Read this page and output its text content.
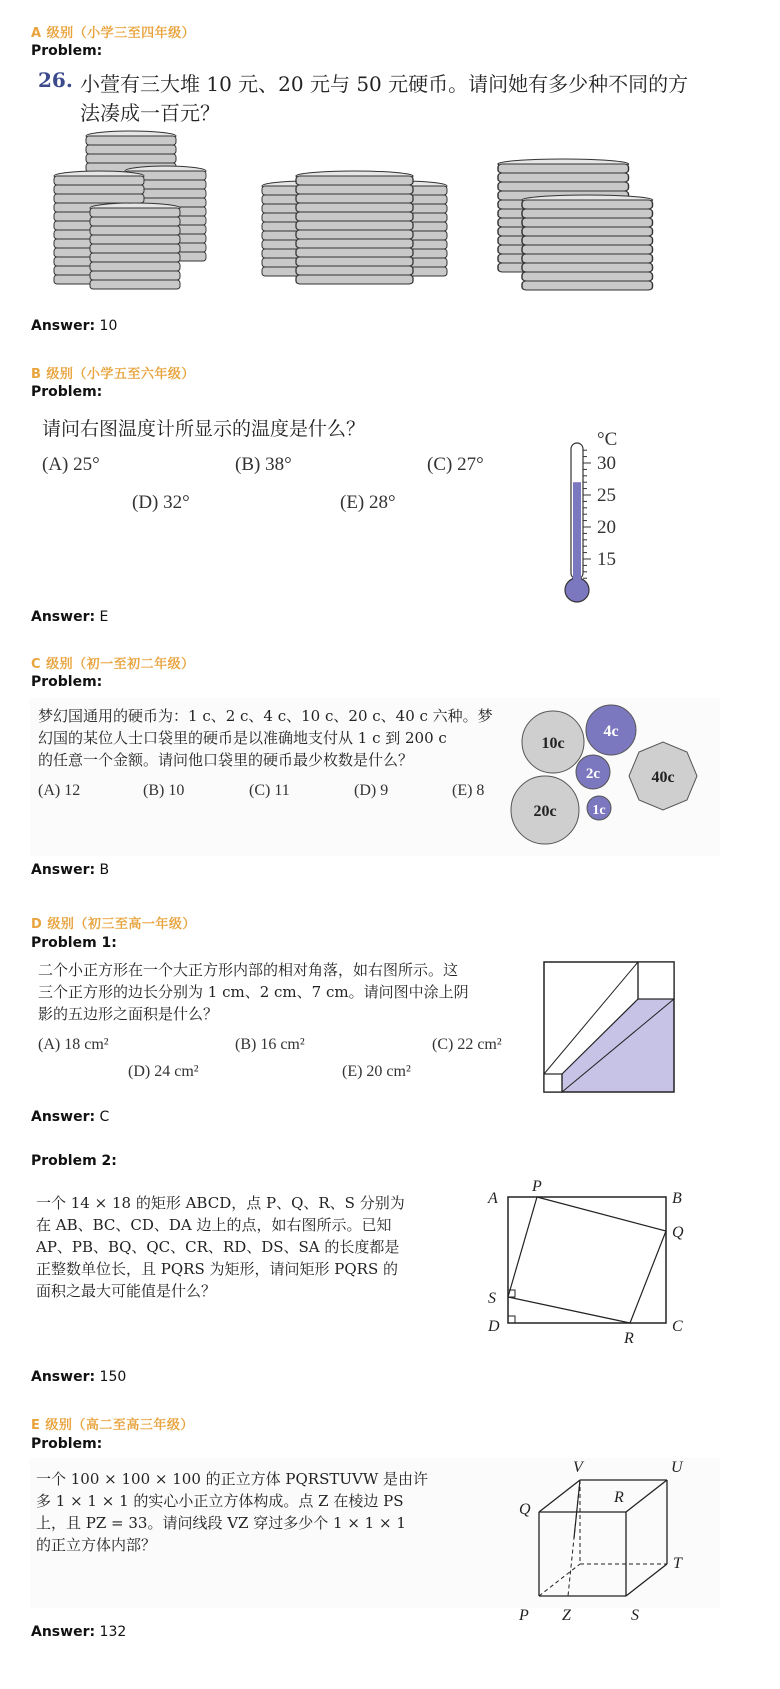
A 级别（小学三至四年级）
Problem:
26. 小萱有三大堆 10 元、20 元与 50 元硬币。请问她有多少种不同的方
法凑成一百元？
Answer: 10
B 级别（小学五至六年级）
Problem:
请问右图温度计所显示的温度是什么？
(A) 25°	(B) 38°	(C) 27°
(D) 32°	(E) 28°
°C
30
25
20
15
Answer: E
C 级别（初一至初二年级）
Problem:
梦幻国通用的硬币为：1 c、2 c、4 c、10 c、20 c、40 c 六种。梦
幻国的某位人士口袋里的硬币是以准确地支付从 1 c 到 200 c
的任意一个金额。请问他口袋里的硬币最少枚数是什么？
(A) 12	(B) 10	(C) 11	(D) 9	(E) 8
10c
4c
2c	40c
20c	1c
Answer: B
D 级别（初三至高一年级）
Problem 1:
二个小正方形在一个大正方形内部的相对角落，如右图所示。这
三个正方形的边长分别为 1 cm、2 cm、7 cm。请问图中涂上阴
影的五边形之面积是什么？
(A) 18 cm²	(B) 16 cm²	(C) 22 cm²
(D) 24 cm²	(E) 20 cm²
Answer: C
Problem 2:
一个 14 × 18 的矩形 ABCD，点 P、Q、R、S 分别为
在 AB、BC、CD、DA 边上的点，如右图所示。已知
AP、PB、BQ、QC、CR、RD、DS、SA 的长度都是
正整数单位长，且 PQRS 为矩形，请问矩形 PQRS 的
面积之最大可能值是什么？
A
P
B
Q
S
D
R
C
Answer: 150
E 级别（高二至高三年级）
Problem:
一个 100 × 100 × 100 的正立方体 PQRSTUVW 是由许
多 1 × 1 × 1 的实心小正立方体构成。点 Z 在棱边 PS
上，且 PZ = 33。请问线段 VZ 穿过多少个 1 × 1 × 1
的正立方体内部？
V	U
Q
R
T
P Z	S
Answer: 132
